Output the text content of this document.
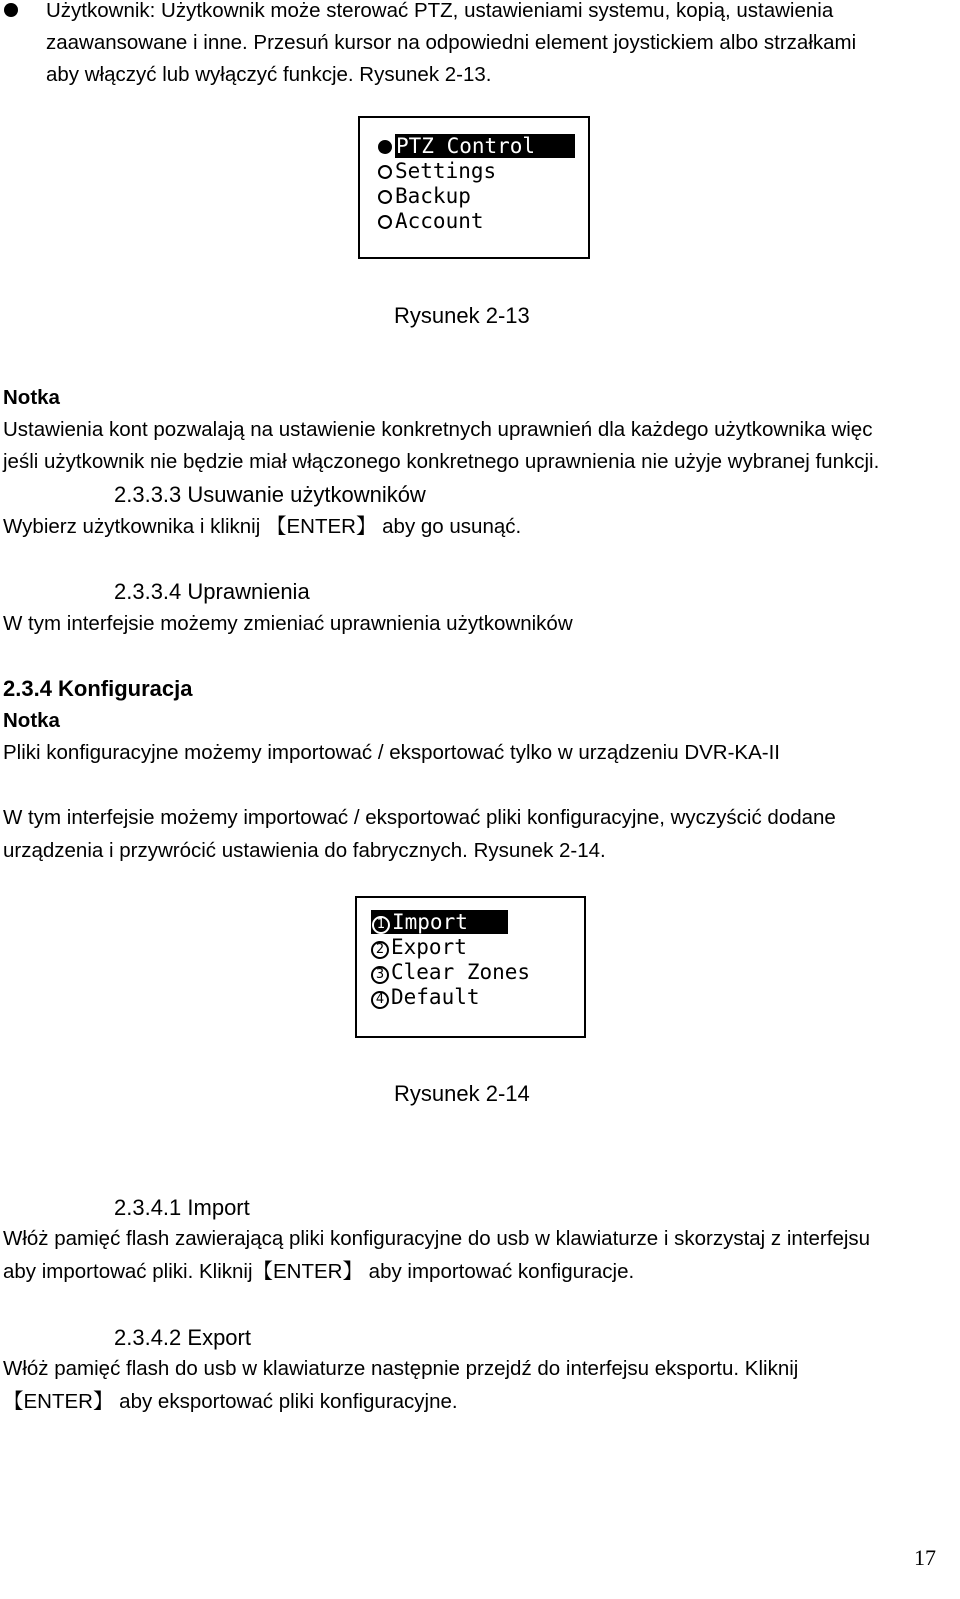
Użytkownik: Użytkownik może sterować PTZ, ustawieniami systemu, kopią, ustawienia
zaawansowane i inne. Przesuń kursor na odpowiedni element joystickiem albo strzałkami
aby włączyć lub wyłączyć funkcje. Rysunek 2-13.
PTZ Control
Settings
Backup
Account
Rysunek 2-13
Notka
Ustawienia kont pozwalają na ustawienie konkretnych uprawnień dla każdego użytkownika więc
jeśli użytkownik nie będzie miał włączonego konkretnego uprawnienia nie użyje wybranej funkcji.
2.3.3.3 Usuwanie użytkowników
Wybierz użytkownika i kliknij 【ENTER】 aby go usunąć.
2.3.3.4 Uprawnienia
W tym interfejsie możemy zmieniać uprawnienia użytkowników
2.3.4 Konfiguracja
Notka
Pliki konfiguracyjne możemy importować / eksportować tylko w urządzeniu DVR-KA-II
W tym interfejsie możemy importować / eksportować pliki konfiguracyjne, wyczyścić dodane
urządzenia i przywrócić ustawienia do fabrycznych. Rysunek 2-14.
1 Import
2 Export
3 Clear Zones
4 Default
Rysunek 2-14
2.3.4.1 Import
Włóż pamięć flash zawierającą pliki konfiguracyjne do usb w klawiaturze i skorzystaj z interfejsu
aby importować pliki. Kliknij【ENTER】 aby importować konfiguracje.
2.3.4.2 Export
Włóż pamięć flash do usb w klawiaturze następnie przejdź do interfejsu eksportu. Kliknij
【ENTER】 aby eksportować pliki konfiguracyjne.
17
